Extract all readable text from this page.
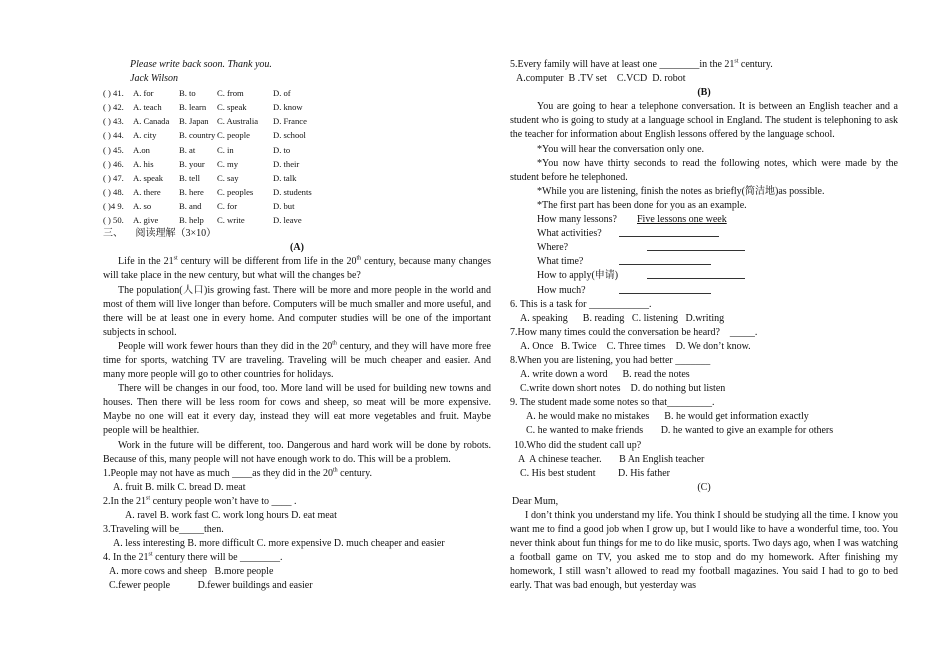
Please write back soon. Thank you.

Jack Wilson

( ) 41.	A. for	B. to	C. from	D. of
( ) 42.	A. teach	B. learn	C. speak	D. know
( ) 43.	A. Canada	B. Japan C. Australia	D. France
( ) 44.	A. city	B. country C. people	D. school
( ) 45.	A.on	B. at	C. in	D. to
( ) 46.	A. his	B. your	C. my	D. their
( ) 47.	A. speak	B. tell	C. say	D. talk
( ) 48.	A. there	B. here	C. peoples	D. students
( )4 9.	A. so	B. and	C. for	D. but
( ) 50.	A. give	B. help	C. write	D. leave

三、 阅读理解（3×10）

(A)

Life in the 21st century will be different from life in the 20th century, because many changes will take place in the new century, but what will the changes be?

The population(人口)is growing fast. There will be more and more people in the world and most of them will live longer than before. Computers will be much smaller and more useful, and there will be at least one in every home. And computer studies will be one of the important subjects in school.

People will work fewer hours than they did in the 20th century, and they will have more free time for sports, watching TV are traveling. Traveling will be much cheaper and easier. And many more people will go to other countries for holidays.

There will be changes in our food, too. More land will be used for building new towns and houses. Then there will be less room for cows and sheep, so meat will be more expensive. Maybe no one will eat it every day, instead they will eat more vegetables and fruit. Maybe people will be healthier.

Work in the future will be different, too. Dangerous and hard work will be done by robots. Because of this, many people will not have enough work to do. This will be a problem.

1.People may not have as much ____as they did in the 20th century.

A. fruit B. milk C. bread D. meat

2.In the 21st century people won’t have to ____ .

A. ravel B. work fast C. work long hours D. eat meat

3.Traveling will be_____then.

A. less interesting B. more difficult C. more expensive D. much cheaper and easier

4. In the 21st century there will be ________.

A. more cows and sheep   B.more people

C.fewer people           D.fewer buildings and easier

5.Every family will have at least one ________in the 21st century.

A.computer  B .TV set    C.VCD  D. robot

(B)

You are going to hear a telephone conversation. It is between an English teacher and a student who is going to study at a language school in England. The student is telephoning to ask the teacher for information about English lessons offered by the language school.

*You will hear the conversation only one.

*You now have thirty seconds to read the following notes, which were made by the student before he telephoned.

*While you are listening, finish the notes as briefly(简洁地)as possible.

*The first part has been done for you as an example.

How many lessons?	Five lessons one week
What activities?
Where?
What time?
How to apply(申请)
How much?

6. This is a task for ____________.

A. speaking      B. reading   C. listening   D.writing

7.How many times could the conversation be heard?    _____.

A. Once   B. Twice    C. Three times    D. We don’t know.

8.When you are listening, you had better _______

A. write down a word      B. read the notes

C.write down short notes    D. do nothing but listen

9. The student made some notes so that_________.

A. he would make no mistakes      B. he would get information exactly

C. he wanted to make friends       D. he wanted to give an example for others

10.Who did the student call up?

A  A chinese teacher.       B An English teacher

C. His best student         D. His father

(C)

Dear Mum,

I don’t think you understand my life. You think I should be studying all the time. I know you want me to find a good job when I grow up, but I would like to have a wonderful time, too. You never think about fun things for me to do like music, sports. Two days ago, when I was watching a football game on TV, you asked me to stop and do my homework. After finishing my homework, I still wasn’t allowed to read my football magazines. You said I had to go to bed early. That was bad enough, but yesterday was
